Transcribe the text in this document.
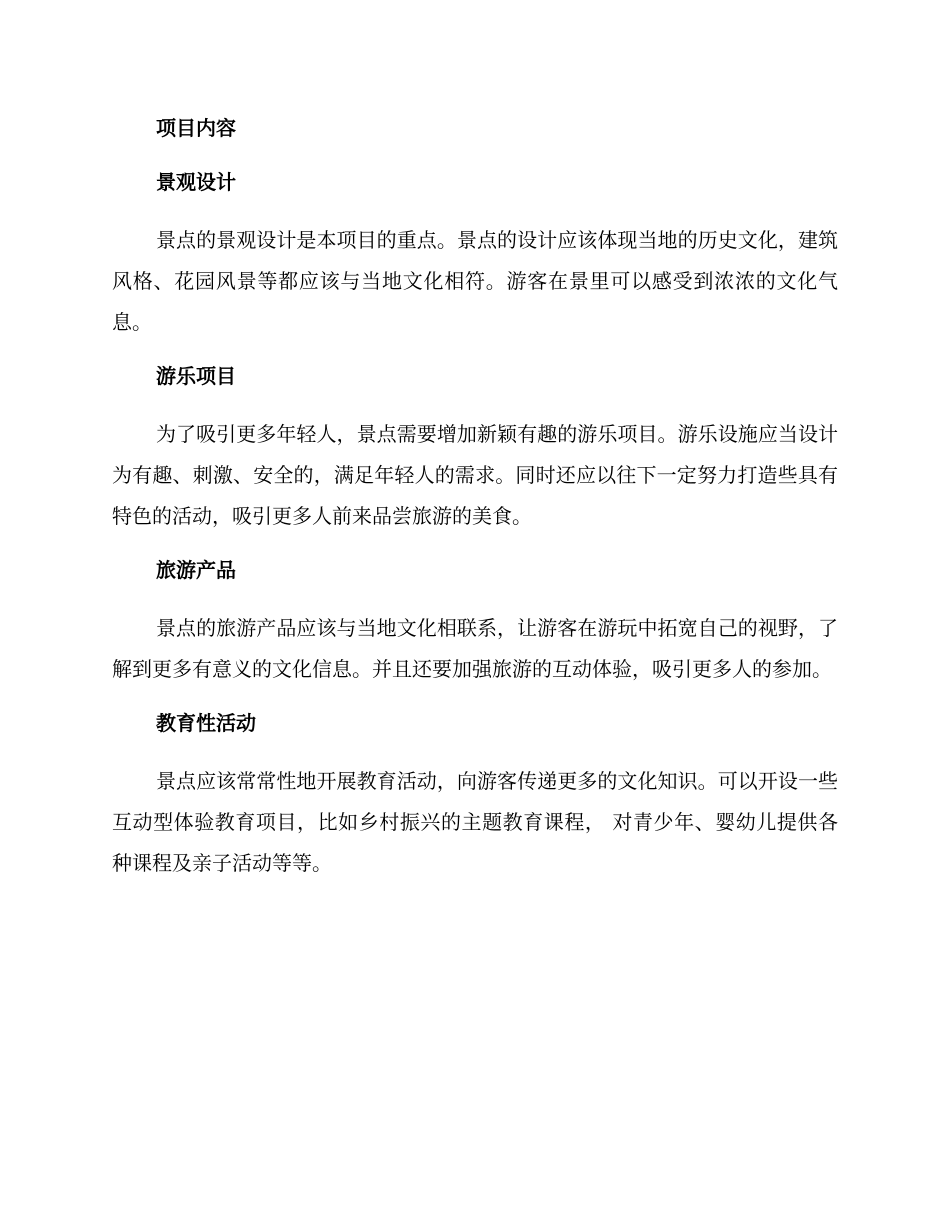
项目内容
景观设计

景点的景观设计是本项目的重点。景点的设计应该体现当地的历史文化，建筑风格、花园风景等都应该与当地文化相符。游客在景里可以感受到浓浓的文化气息。

游乐项目

为了吸引更多年轻人，景点需要增加新颖有趣的游乐项目。游乐设施应当设计为有趣、刺激、安全的，满足年轻人的需求。同时还应以往下一定努力打造些具有特色的活动，吸引更多人前来品尝旅游的美食。

旅游产品

景点的旅游产品应该与当地文化相联系，让游客在游玩中拓宽自己的视野，了解到更多有意义的文化信息。并且还要加强旅游的互动体验，吸引更多人的参加。

教育性活动

景点应该常常性地开展教育活动，向游客传递更多的文化知识。可以开设一些互动型体验教育项目，比如乡村振兴的主题教育课程， 对青少年、婴幼儿提供各种课程及亲子活动等等。
